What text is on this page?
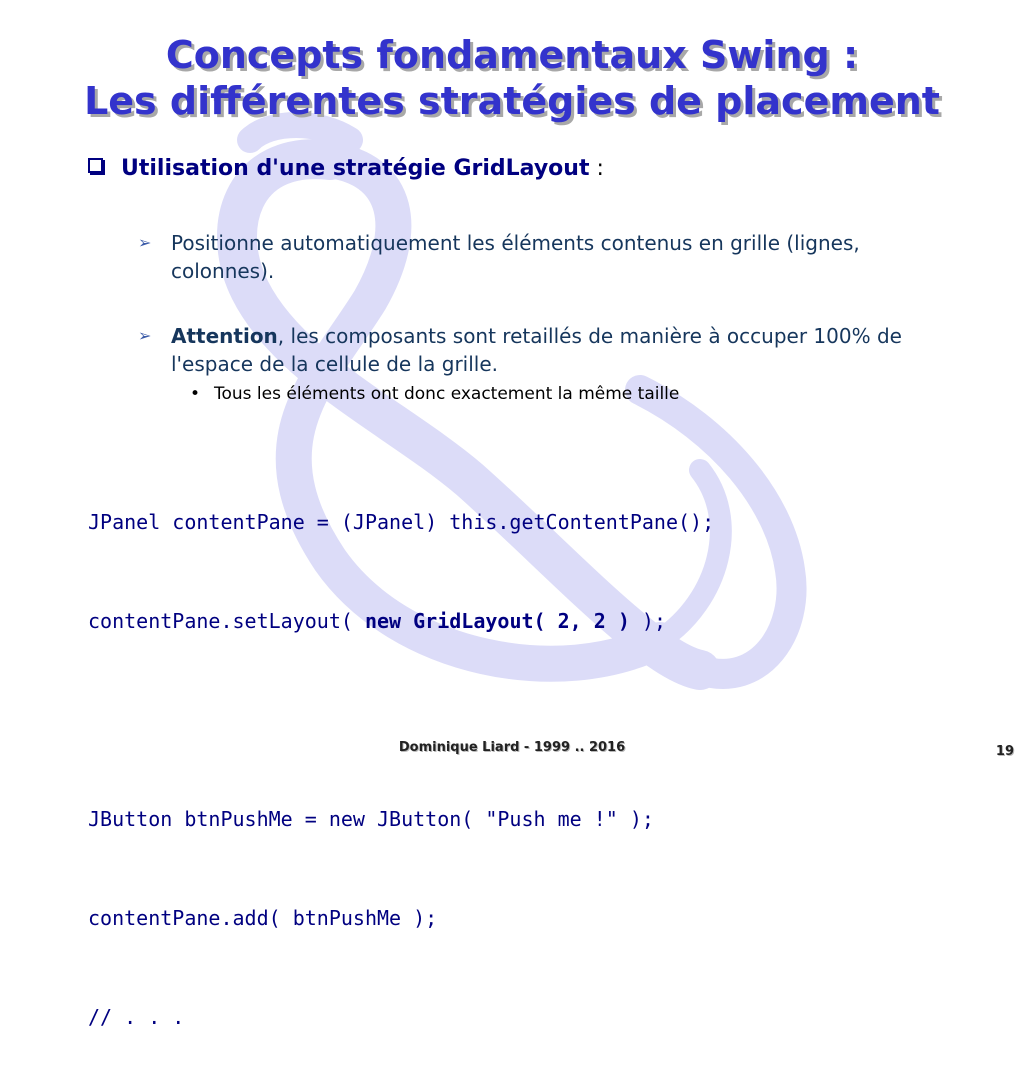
Concepts fondamentaux Swing :
Les différentes stratégies de placement
Utilisation d'une stratégie GridLayout :
➢ Positionne automatiquement les éléments contenus en grille (lignes, colonnes).
➢ Attention, les composants sont retaillés de manière à occuper 100% de l'espace de la cellule de la grille.
• Tous les éléments ont donc exactement la même taille

JPanel contentPane = (JPanel) this.getContentPane();

contentPane.setLayout( new GridLayout( 2, 2 ) );

JButton btnPushMe = new JButton( "Push me !" );

contentPane.add( btnPushMe );

// . . .

Dominique Liard - 1999 .. 2016	19
